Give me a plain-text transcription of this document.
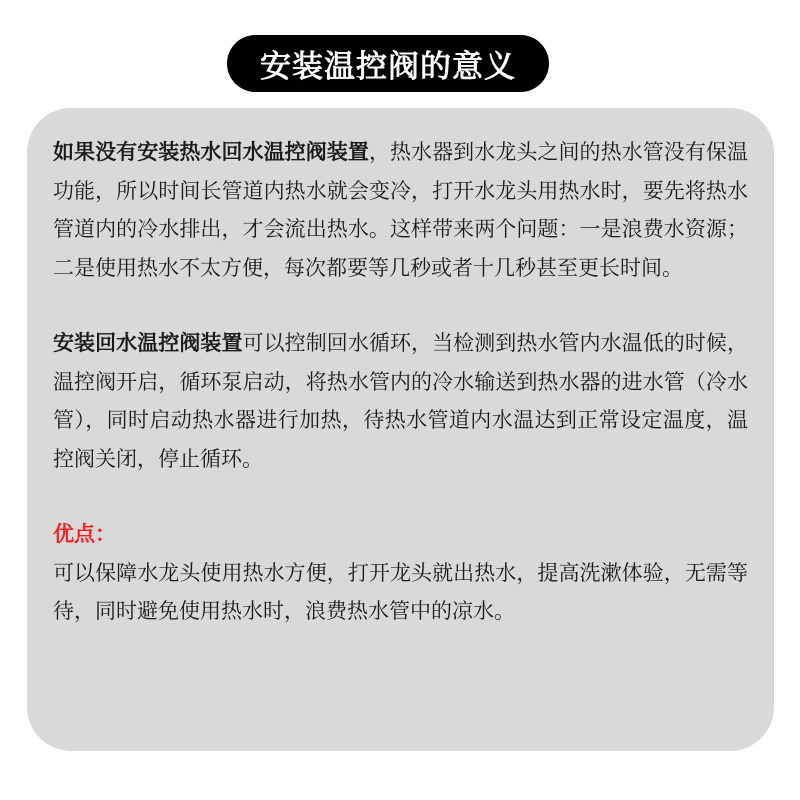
安装温控阀的意义

如果没有安装热水回水温控阀装置，热水器到水龙头之间的热水管没有保温功能，所以时间长管道内热水就会变冷，打开水龙头用热水时，要先将热水管道内的冷水排出，才会流出热水。这样带来两个问题：一是浪费水资源；二是使用热水不太方便，每次都要等几秒或者十几秒甚至更长时间。

安装回水温控阀装置可以控制回水循环，当检测到热水管内水温低的时候，温控阀开启，循环泵启动，将热水管内的冷水输送到热水器的进水管（冷水管），同时启动热水器进行加热，待热水管道内水温达到正常设定温度，温控阀关闭，停止循环。

优点：

可以保障水龙头使用热水方便，打开龙头就出热水，提高洗漱体验，无需等待，同时避免使用热水时，浪费热水管中的凉水。
